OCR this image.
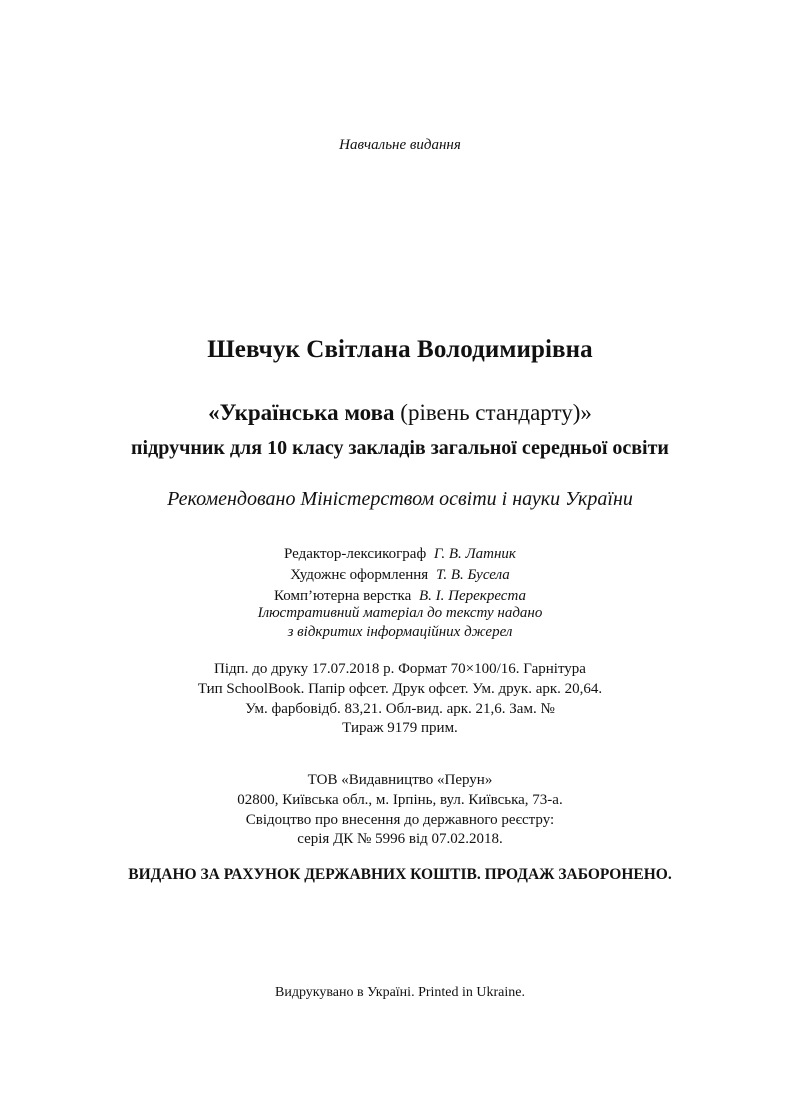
Навчальне видання
Шевчук Світлана Володимирівна
«Українська мова (рівень стандарту)»
підручник для 10 класу закладів загальної середньої освіти
Рекомендовано Міністерством освіти і науки України
Редактор-лексикограф Г. В. Латник
Художнє оформлення Т. В. Бусела
Комп’ютерна верстка В. І. Перекреста
Ілюстративний матеріал до тексту надано
з відкритих інформаційних джерел
Підп. до друку 17.07.2018 р. Формат 70×100/16. Гарнітура
Тип SchoolBook. Папір офсет. Друк офсет. Ум. друк. арк. 20,64.
Ум. фарбовідб. 83,21. Обл-вид. арк. 21,6. Зам. №
Тираж 9179 прим.
ТОВ «Видавництво «Перун»
02800, Київська обл., м. Ірпінь, вул. Київська, 73-а.
Свідоцтво про внесення до державного реєстру:
серія ДК № 5996 від 07.02.2018.
ВИДАНО ЗА РАХУНОК ДЕРЖАВНИХ КОШТІВ. ПРОДАЖ ЗАБОРОНЕНО.
Видрукувано в Україні. Printed in Ukraine.
